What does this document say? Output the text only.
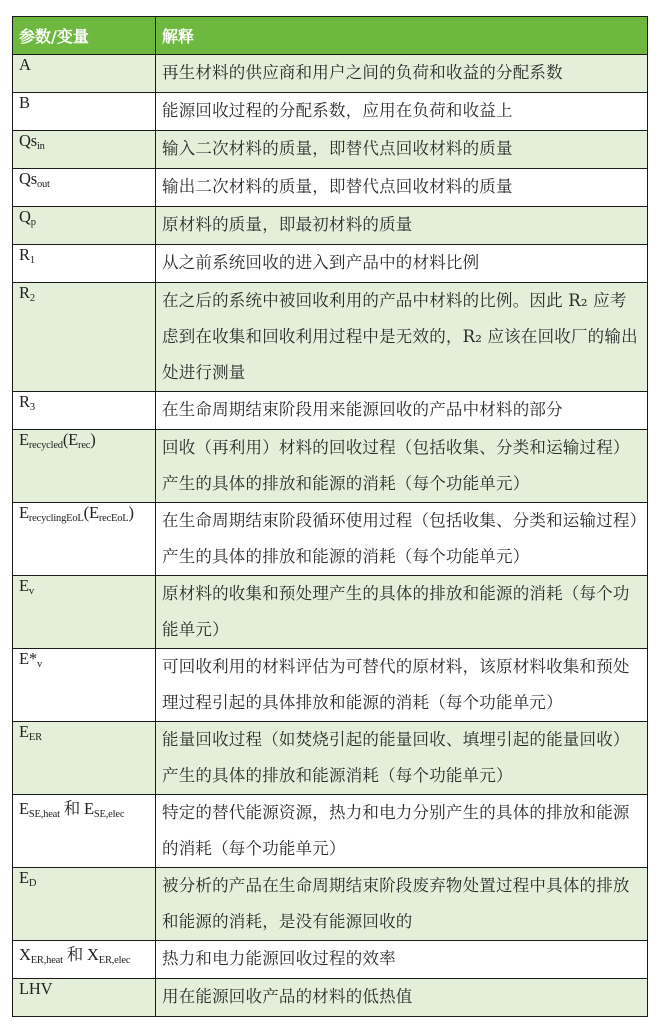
参数/变量	解释
A	再生材料的供应商和用户之间的负荷和收益的分配系数
B	能源回收过程的分配系数，应用在负荷和收益上
$Qs_{in}$	输入二次材料的质量，即替代点回收材料的质量
$Qs_{out}$	输出二次材料的质量，即替代点回收材料的质量
$Q_p$	原材料的质量，即最初材料的质量
$R_1$	从之前系统回收的进入到产品中的材料比例
$R_2$	在之后的系统中被回收利用的产品中材料的比例。因此 R₂ 应考虑到在收集和回收利用过程中是无效的，R₂ 应该在回收厂的输出处进行测量
$R_3$	在生命周期结束阶段用来能源回收的产品中材料的部分
$E_{recycled}(E_{rec})$	回收（再利用）材料的回收过程（包括收集、分类和运输过程）产生的具体的排放和能源的消耗（每个功能单元）
$E_{recyclingEoL}(E_{recEoL})$	在生命周期结束阶段循环使用过程（包括收集、分类和运输过程）产生的具体的排放和能源的消耗（每个功能单元）
$E_v$	原材料的收集和预处理产生的具体的排放和能源的消耗（每个功能单元）
$E*_v$	可回收利用的材料评估为可替代的原材料，该原材料收集和预处理过程引起的具体排放和能源的消耗（每个功能单元）
$E_{ER}$	能量回收过程（如焚烧引起的能量回收、填埋引起的能量回收）产生的具体的排放和能源消耗（每个功能单元）
$E_{SE,heat}$ 和 $E_{SE,elec}$	特定的替代能源资源，热力和电力分别产生的具体的排放和能源的消耗（每个功能单元）
$E_D$	被分析的产品在生命周期结束阶段废弃物处置过程中具体的排放和能源的消耗，是没有能源回收的
$X_{ER,heat}$ 和 $X_{ER,elec}$	热力和电力能源回收过程的效率
LHV	用在能源回收产品的材料的低热值
